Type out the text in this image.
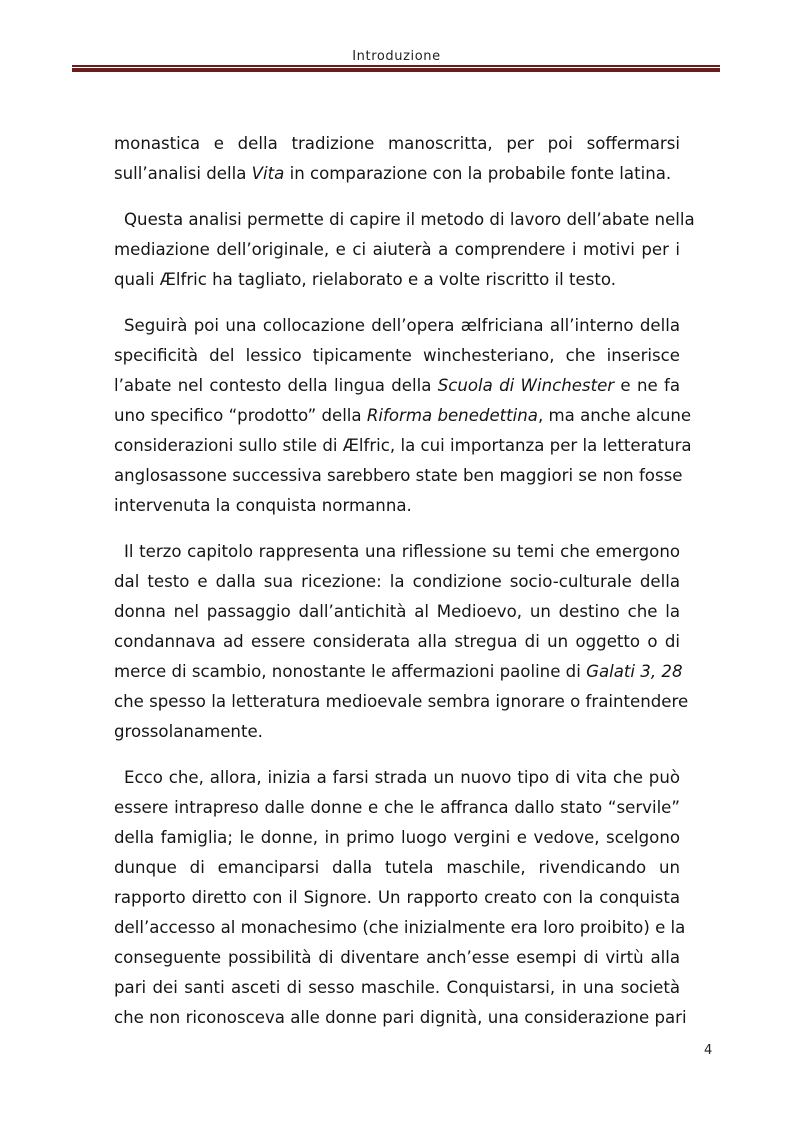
Introduzione
monastica e della tradizione manoscritta, per poi soffermarsi
sull’analisi della Vita in comparazione con la probabile fonte latina.
Questa analisi permette di capire il metodo di lavoro dell’abate nella
mediazione dell’originale, e ci aiuterà a comprendere i motivi per i
quali Ælfric ha tagliato, rielaborato e a volte riscritto il testo.
Seguirà poi una collocazione dell’opera ælfriciana all’interno della
specificità del lessico tipicamente winchesteriano, che inserisce
l’abate nel contesto della lingua della Scuola di Winchester e ne fa
uno specifico “prodotto” della Riforma benedettina, ma anche alcune
considerazioni sullo stile di Ælfric, la cui importanza per la letteratura
anglosassone successiva sarebbero state ben maggiori se non fosse
intervenuta la conquista normanna.
Il terzo capitolo rappresenta una riflessione su temi che emergono
dal testo e dalla sua ricezione: la condizione socio-culturale della
donna nel passaggio dall’antichità al Medioevo, un destino che la
condannava ad essere considerata alla stregua di un oggetto o di
merce di scambio, nonostante le affermazioni paoline di Galati 3, 28
che spesso la letteratura medioevale sembra ignorare o fraintendere
grossolanamente.
Ecco che, allora, inizia a farsi strada un nuovo tipo di vita che può
essere intrapreso dalle donne e che le affranca dallo stato “servile”
della famiglia; le donne, in primo luogo vergini e vedove, scelgono
dunque di emanciparsi dalla tutela maschile, rivendicando un
rapporto diretto con il Signore. Un rapporto creato con la conquista
dell’accesso al monachesimo (che inizialmente era loro proibito) e la
conseguente possibilità di diventare anch’esse esempi di virtù alla
pari dei santi asceti di sesso maschile. Conquistarsi, in una società
che non riconosceva alle donne pari dignità, una considerazione pari
4
